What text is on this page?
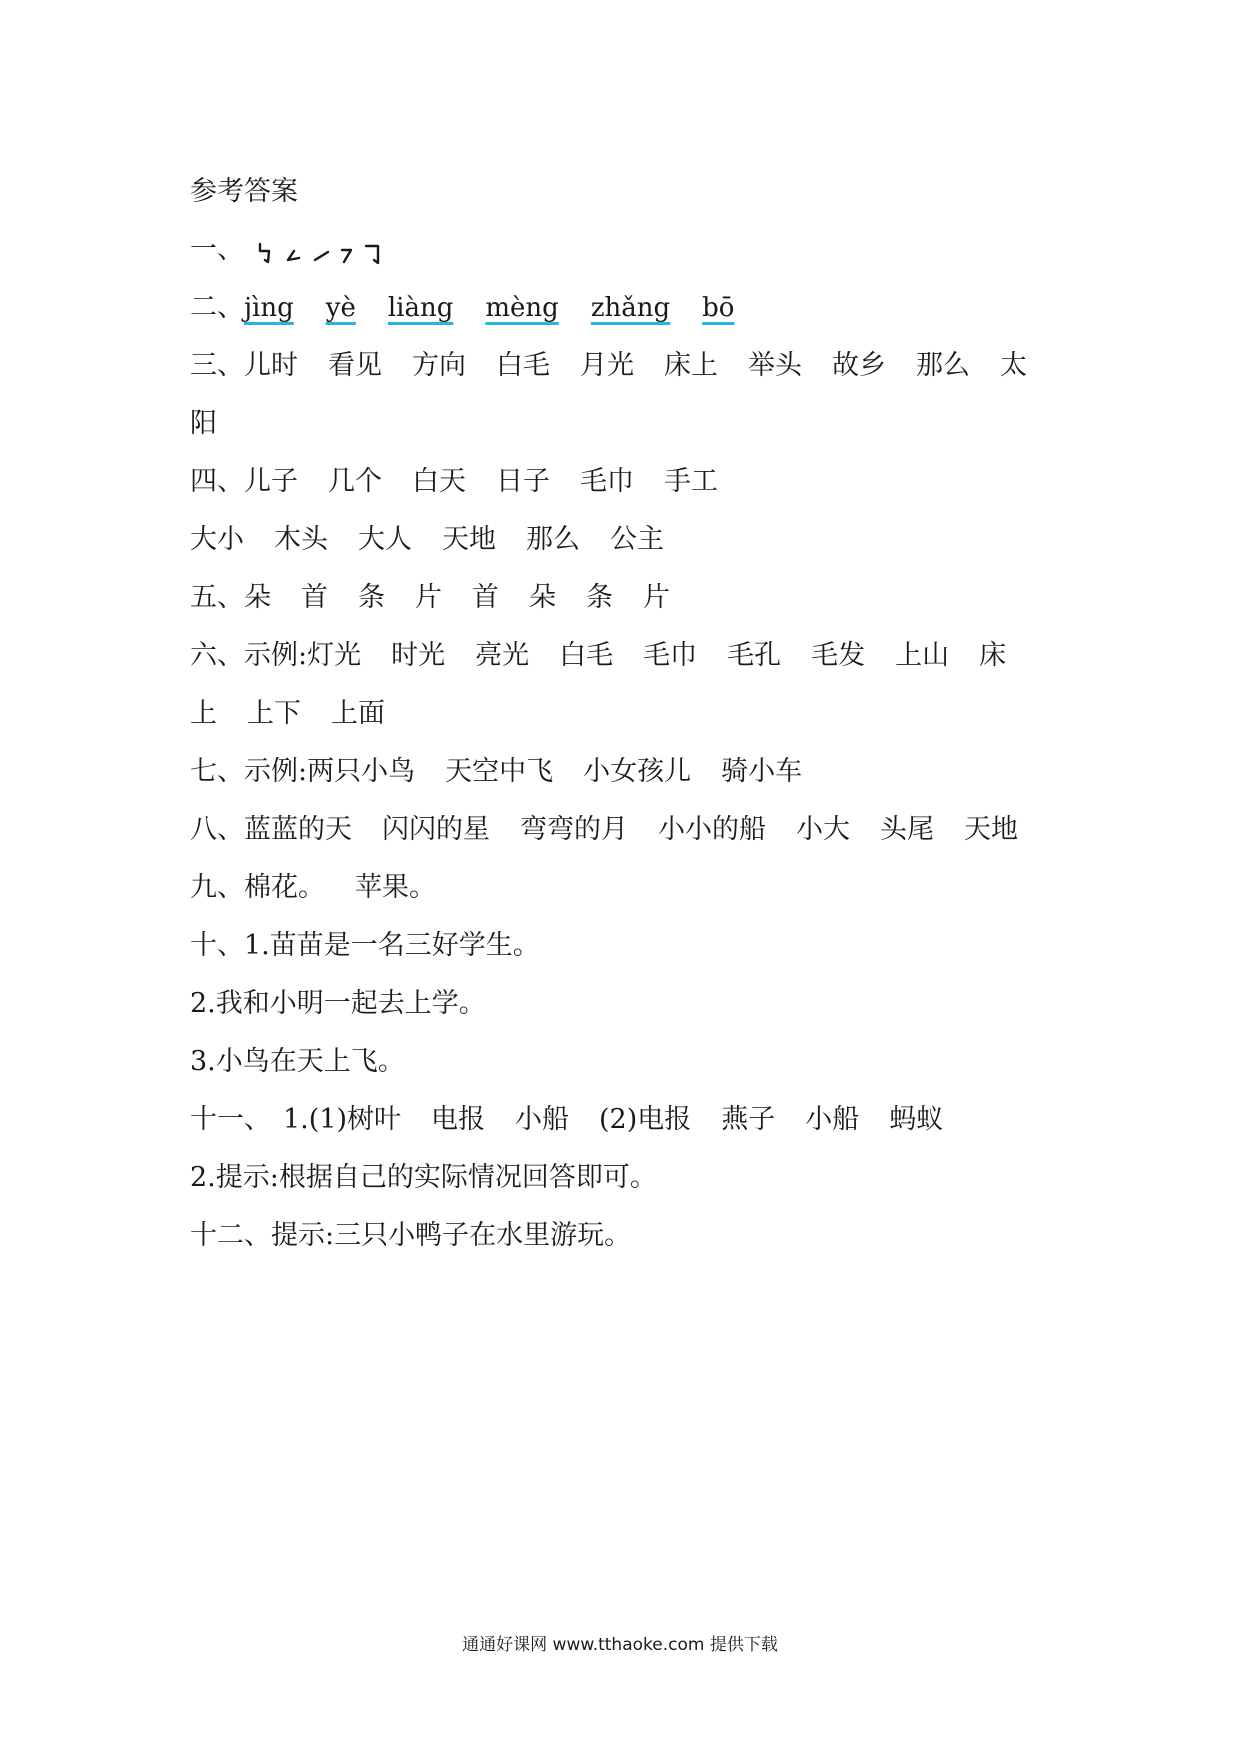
参考答案
一、
二、jìng yè liàng mèng zhǎng bō
三、儿时 看见 方向 白毛 月光 床上 举头 故乡 那么 太
阳
四、儿子 几个 白天 日子 毛巾 手工
大小 木头 大人 天地 那么 公主
五、朵 首 条 片 首 朵 条 片
六、示例:灯光 时光 亮光 白毛 毛巾 毛孔 毛发 上山 床
上 上下 上面
七、示例:两只小鸟 天空中飞 小女孩儿 骑小车
八、蓝蓝的天 闪闪的星 弯弯的月 小小的船 小大 头尾 天地
九、棉花。 苹果。
十、1.苗苗是一名三好学生。
2.我和小明一起去上学。
3.小鸟在天上飞。
十一、 1.(1)树叶 电报 小船 (2)电报 燕子 小船 蚂蚁
2.提示:根据自己的实际情况回答即可。
十二、提示:三只小鸭子在水里游玩。
通通好课网 www.tthaoke.com 提供下载
